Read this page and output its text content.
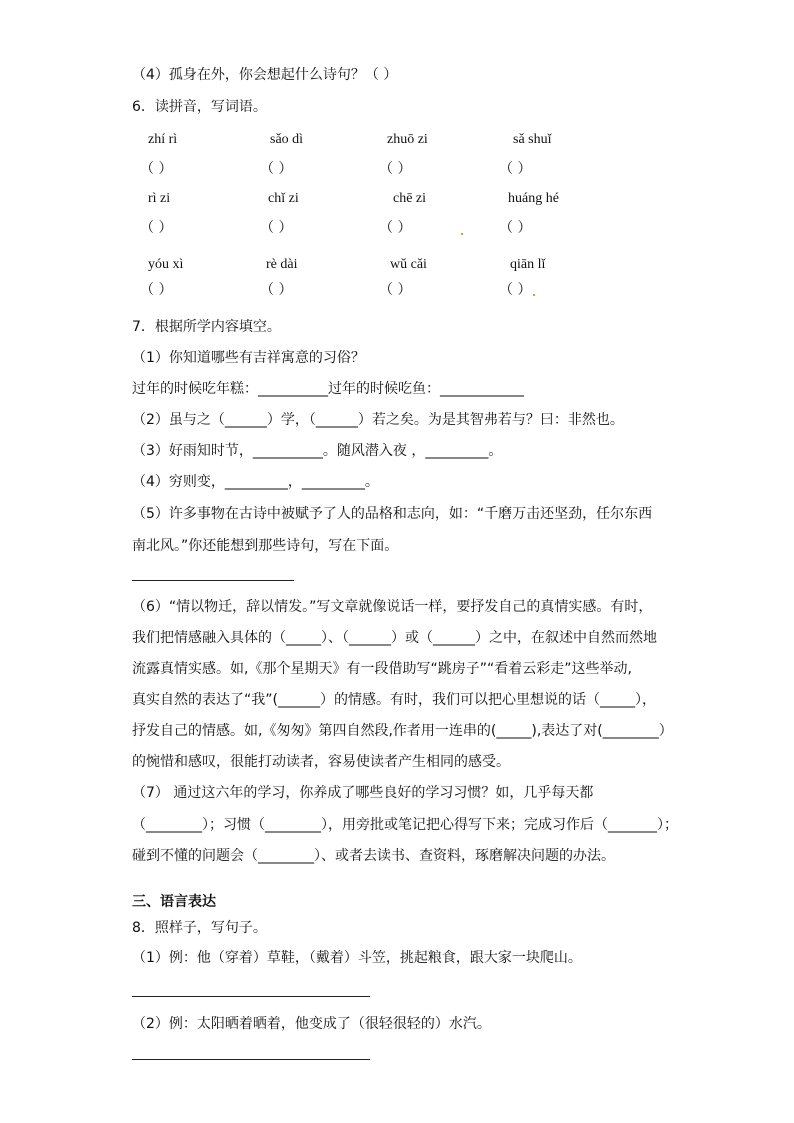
（4）孤身在外，你会想起什么诗句？（ ）
6．读拼音，写词语。
zhí rì	sǎo dì	zhuō zi	sǎ shuǐ
（ ）	（ ）	（ ）	（ ）
rì zi	chǐ zi	chē zi	huáng hé
（ ）	（ ）	（ ）	（ ）
yóu xì	rè dài	wǔ cǎi	qiān lǐ
（ ）	（ ）	（ ）	（ ）
7．根据所学内容填空。
（1）你知道哪些有吉祥寓意的习俗？
过年的时候吃年糕：__________过年的时候吃鱼：____________
（2）虽与之（______）学，（______）若之矣。为是其智弗若与？曰：非然也。
（3）好雨知时节，__________。随风潜入夜 ，_________。
（4）穷则变，_________，_________。
（5）许多事物在古诗中被赋予了人的品格和志向，如：“千磨万击还坚劲，任尔东西
南北风。”你还能想到那些诗句，写在下面。
（6）“情以物迁，辞以情发。”写文章就像说话一样，要抒发自己的真情实感。有时，
我们把情感融入具体的（_____）、（______）或（______）之中，在叙述中自然而然地
流露真情实感。如,《那个星期天》有一段借助写“跳房子”“看着云彩走”这些举动,
真实自然的表达了“我”(______）的情感。有时，我们可以把心里想说的话（_____），
抒发自己的情感。如,《匆匆》第四自然段,作者用一连串的(_____),表达了对(________）
的惋惜和感叹，很能打动读者，容易使读者产生相同的感受。
（7） 通过这六年的学习，你养成了哪些良好的学习习惯？如，几乎每天都
（________）；习惯（________），用旁批或笔记把心得写下来；完成习作后（_______）；
碰到不懂的问题会（________）、或者去读书、查资料，琢磨解决问题的办法。
三、语言表达
8．照样子，写句子。
（1）例：他（穿着）草鞋，（戴着）斗笠，挑起粮食，跟大家一块爬山。
（2）例：太阳晒着晒着，他变成了（很轻很轻的）水汽。
